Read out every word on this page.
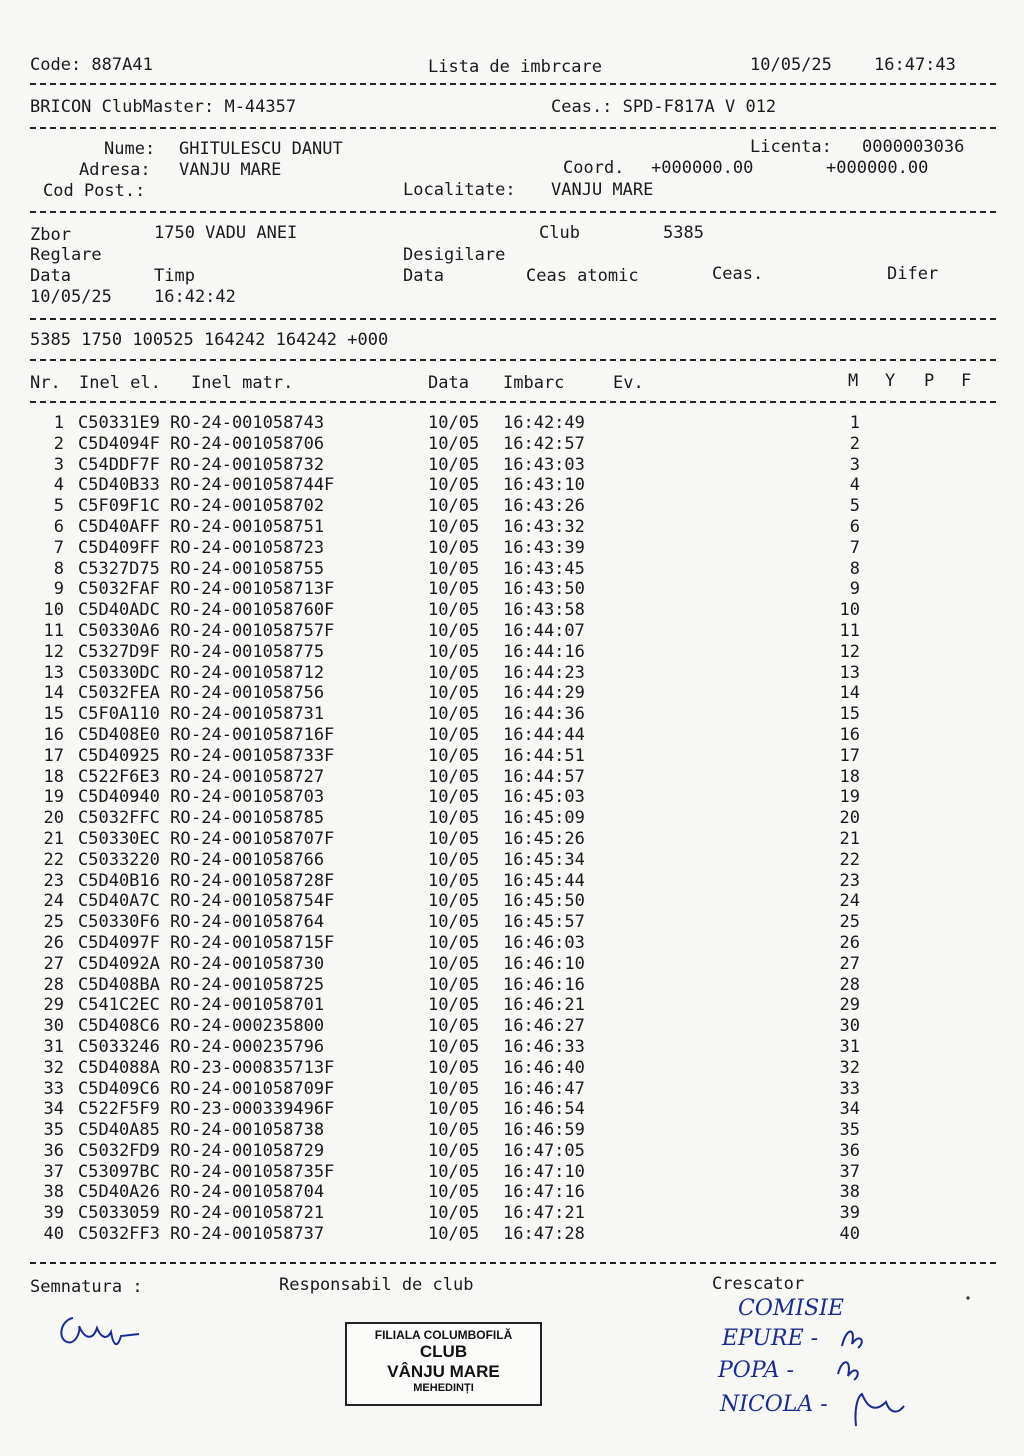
Code: 887A41	Lista de imbrcare	10/05/25 16:47:43
BRICON ClubMaster: M-44357	Ceas.: SPD-F817A V 012
Nume: GHITULESCU DANUT	Licenta: 0000003036
Adresa: VANJU MARE	Coord. +000000.00	+000000.00
Cod Post.:	Localitate: VANJU MARE
Zbor	1750 VADU ANEI	Club	5385
Reglare	Desigilare
Data	Timp	Data	Ceas atomic	Ceas.	Difer
10/05/25 16:42:42
5385 1750 100525 164242 164242 +000
Nr. Inel el. Inel matr.	Data Imbarc	Ev.	M Y P F
1 C50331E9 RO -24-001058743	10/05 16:42:49	1
2 C5D4094F RO -24-001058706	10/05 16:42:57	2
3 C54DDF7F RO -24-001058732	10/05 16:43:03	3
4 C5D40B33 RO -24-001058744F	10/05 16:43:10	4
5 C5F09F1C RO -24-001058702	10/05 16:43:26	5
6 C5D40AFF RO -24-001058751	10/05 16:43:32	6
7 C5D409FF RO -24-001058723	10/05 16:43:39	7
8 C5327D75 RO -24-001058755	10/05 16:43:45	8
9 C5032FAF RO -24-001058713F	10/05 16:43:50	9
10 C5D40ADC RO -24-001058760F	10/05 16:43:58	10
11 C50330A6 RO -24-001058757F	10/05 16:44:07	11
12 C5327D9F RO -24-001058775	10/05 16:44:16	12
13 C50330DC RO -24-001058712	10/05 16:44:23	13
14 C5032FEA RO -24-001058756	10/05 16:44:29	14
15 C5F0A110 RO -24-001058731	10/05 16:44:36	15
16 C5D408E0 RO -24-001058716F	10/05 16:44:44	16
17 C5D40925 RO -24-001058733F	10/05 16:44:51	17
18 C522F6E3 RO -24-001058727	10/05 16:44:57	18
19 C5D40940 RO -24-001058703	10/05 16:45:03	19
20 C5032FFC RO -24-001058785	10/05 16:45:09	20
21 C50330EC RO -24-001058707F	10/05 16:45:26	21
22 C5033220 RO -24-001058766	10/05 16:45:34	22
23 C5D40B16 RO -24-001058728F	10/05 16:45:44	23
24 C5D40A7C RO -24-001058754F	10/05 16:45:50	24
25 C50330F6 RO -24-001058764	10/05 16:45:57	25
26 C5D4097F RO -24-001058715F	10/05 16:46:03	26
27 C5D4092A RO -24-001058730	10/05 16:46:10	27
28 C5D408BA RO -24-001058725	10/05 16:46:16	28
29 C541C2EC RO -24-001058701	10/05 16:46:21	29
30 C5D408C6 RO -24-000235800	10/05 16:46:27	30
31 C5033246 RO -24-000235796	10/05 16:46:33	31
32 C5D4088A RO -23-000835713F	10/05 16:46:40	32
33 C5D409C6 RO -24-001058709F	10/05 16:46:47	33
34 C522F5F9 RO -23-000339496F	10/05 16:46:54	34
35 C5D40A85 RO -24-001058738	10/05 16:46:59	35
36 C5032FD9 RO -24-001058729	10/05 16:47:05	36
37 C53097BC RO -24-001058735F	10/05 16:47:10	37
38 C5D40A26 RO -24-001058704	10/05 16:47:16	38
39 C5033059 RO -24-001058721	10/05 16:47:21	39
40 C5032FF3 RO -24-001058737	10/05 16:47:28	40
Semnatura :	Responsabil de club	Crescator
FILIALA COLUMBOFILĂ
CLUB
VÂNJU MARE
MEHEDINȚI
COMISIE
EPURE -
POPA -
NICOLA -
